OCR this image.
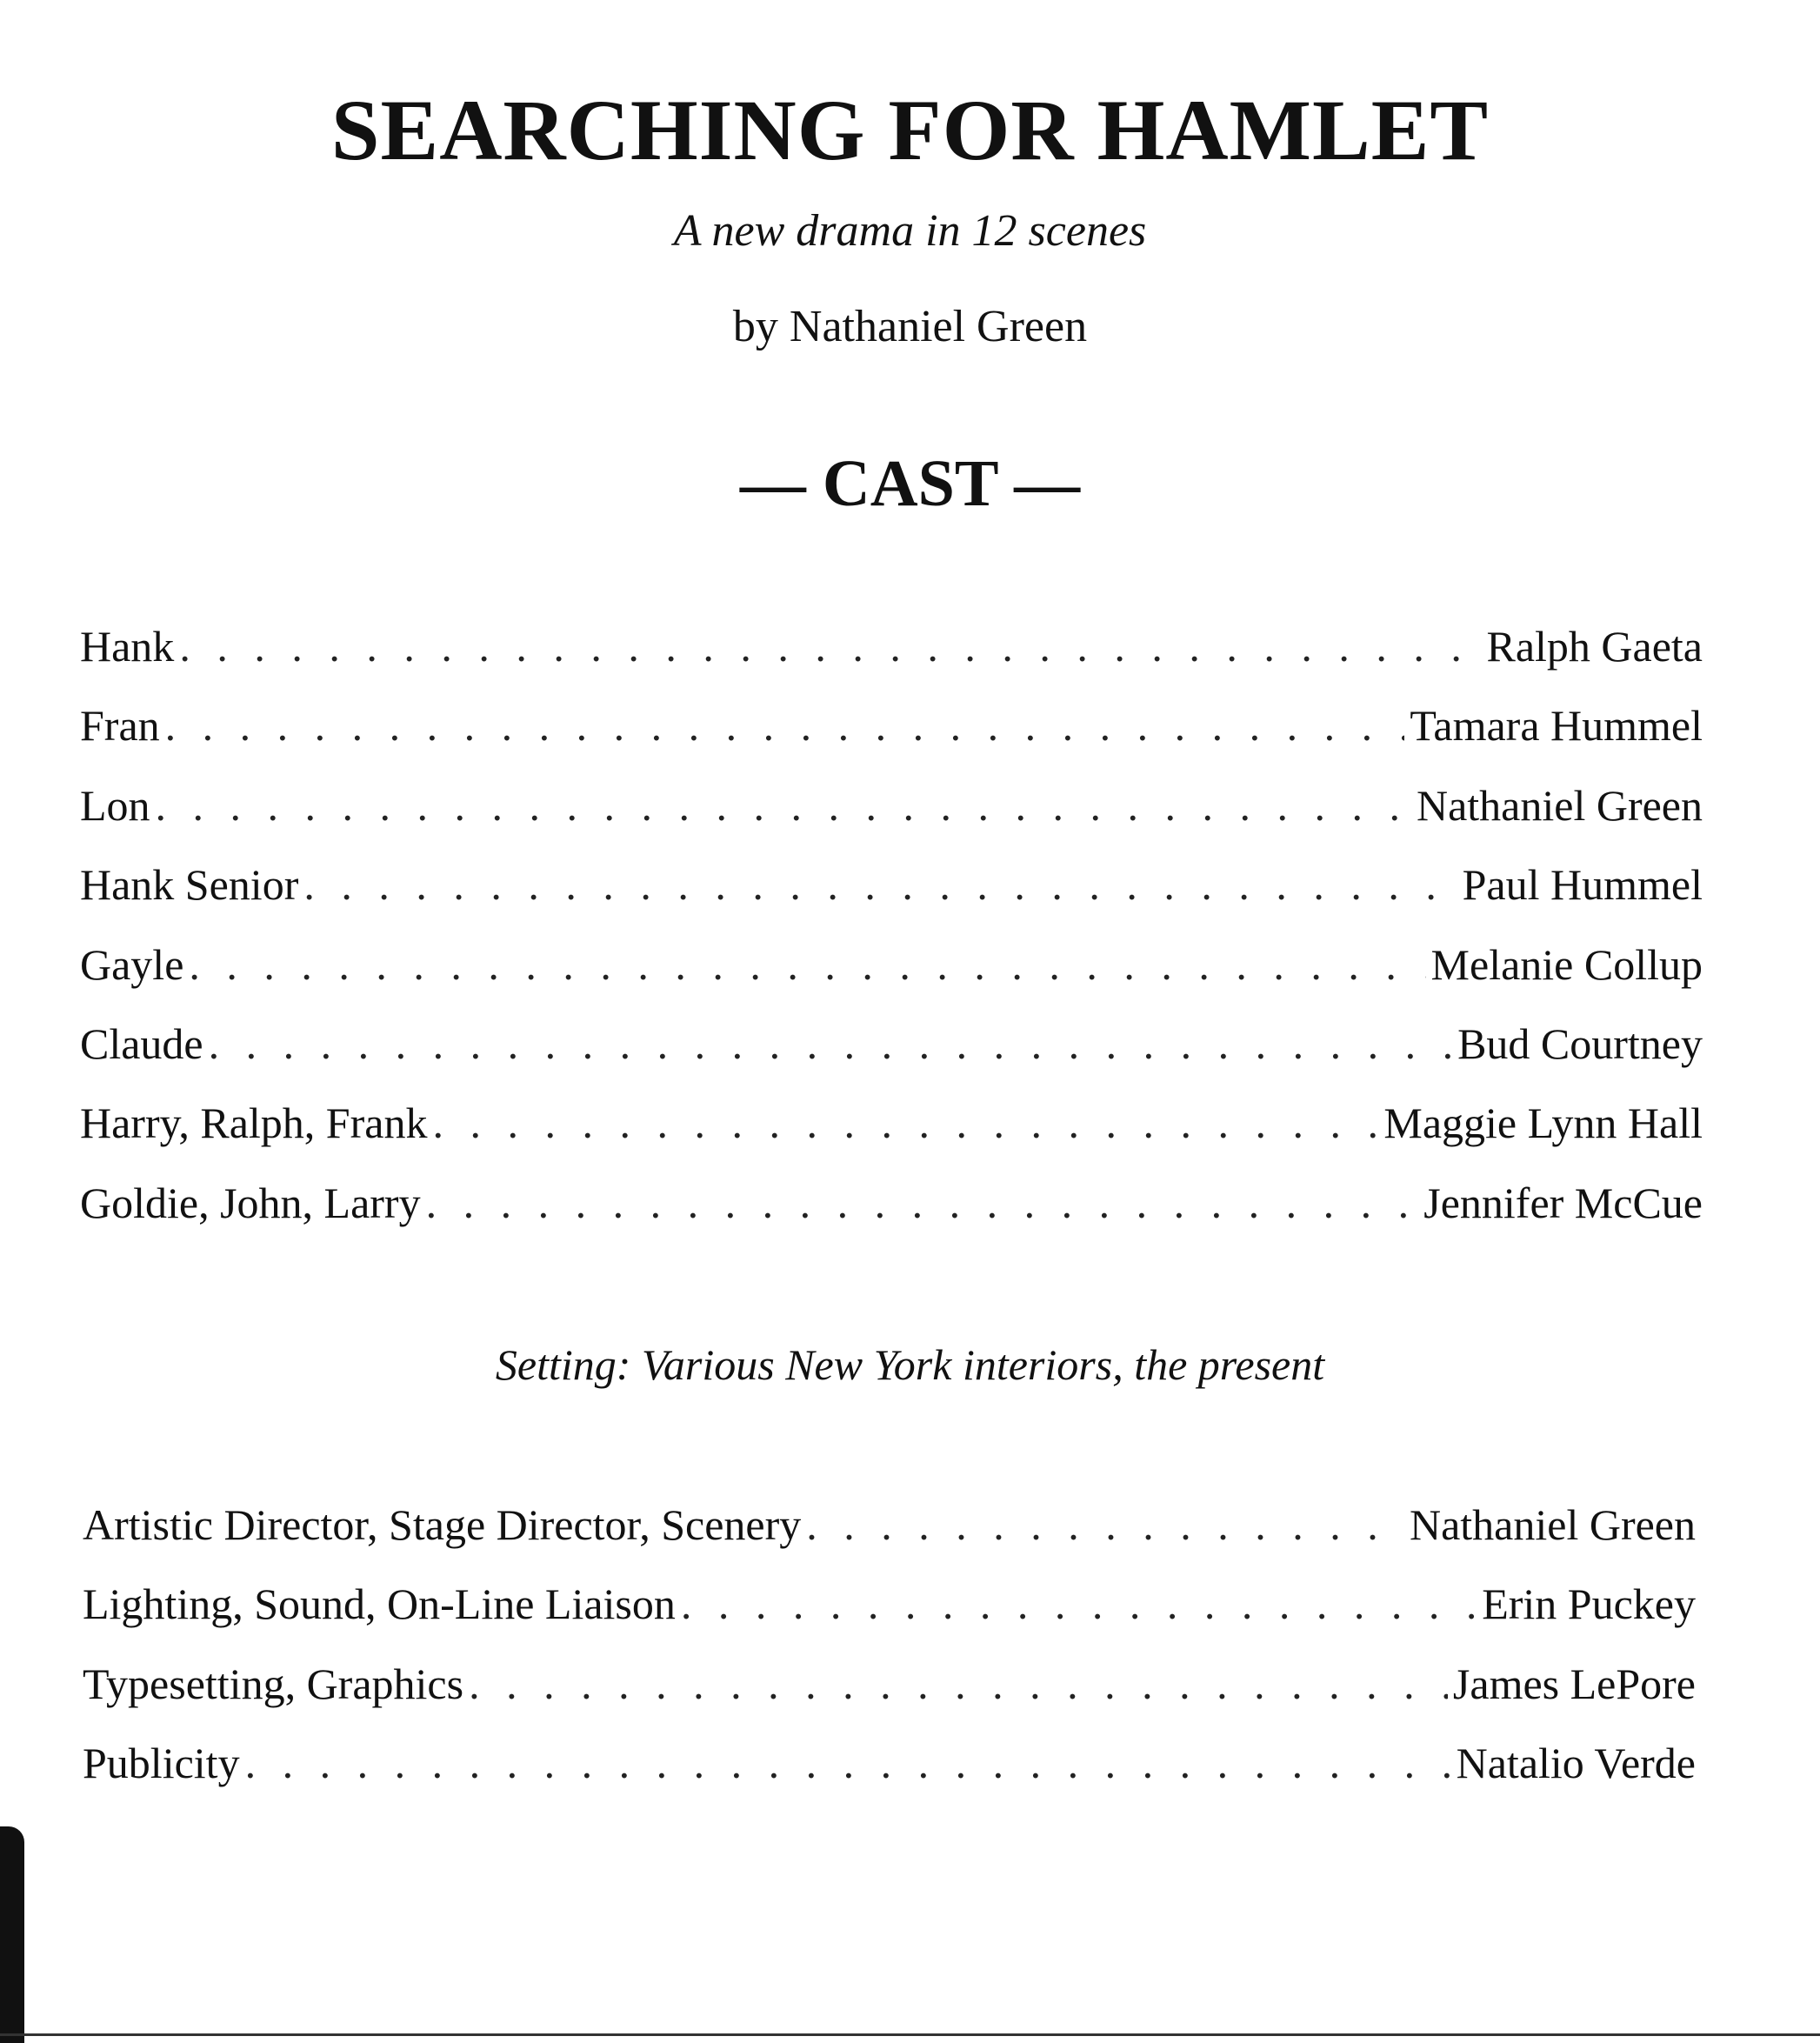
SEARCHING FOR HAMLET
A new drama in 12 scenes
by Nathaniel Green
— CAST —
Hank . . .	Ralph Gaeta
Fran . . .	Tamara Hummel
Lon . . .	Nathaniel Green
Hank Senior . . .	Paul Hummel
Gayle . . .	Melanie Collup
Claude . . .	Bud Courtney
Harry, Ralph, Frank . . .	Maggie Lynn Hall
Goldie, John, Larry . . .	Jennifer McCue
Setting: Various New York interiors, the present
Artistic Director, Stage Director, Scenery . . .	Nathaniel Green
Lighting, Sound, On-Line Liaison . . .	Erin Puckey
Typesetting, Graphics . . .	James LePore
Publicity . . .	Natalio Verde
